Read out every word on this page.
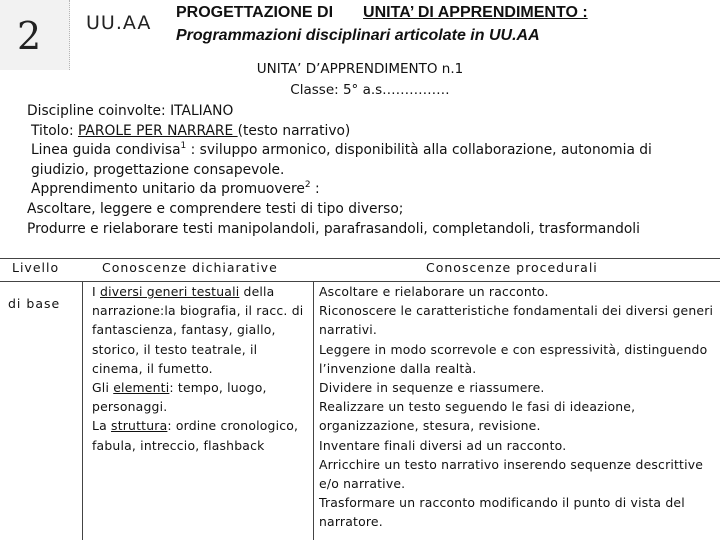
2 UU.AA PROGETTAZIONE DI UNITA’ DI APPRENDIMENTO :
Programmazioni disciplinari articolate in UU.AA
UNITA’ D’APPRENDIMENTO n.1
Classe: 5° a.s……………

Discipline coinvolte: ITALIANO

Titolo: PAROLE PER NARRARE (testo narrativo)

Linea guida condivisa$^1$ : sviluppo armonico, disponibilità alla collaborazione, autonomia di giudizio, progettazione consapevole.

Apprendimento unitario da promuovere$^2$ :

Ascoltare, leggere e comprendere testi di tipo diverso;

Produrre e rielaborare testi manipolandoli, parafrasandoli, completandoli, trasformandoli

Livello	Conoscenze dichiarative	Conoscenze procedurali
di base

I diversi generi testuali della narrazione:la biografia, il racc. di fantascienza, fantasy, giallo, storico, il testo teatrale, il cinema, il fumetto.

Gli elementi: tempo, luogo, personaggi.

La struttura: ordine cronologico, fabula, intreccio, flashback

Ascoltare e rielaborare un racconto.

Riconoscere le caratteristiche fondamentali dei diversi generi narrativi.

Leggere in modo scorrevole e con espressività, distinguendo l’invenzione dalla realtà.

Dividere in sequenze e riassumere.

Realizzare un testo seguendo le fasi di ideazione, organizzazione, stesura, revisione.

Inventare finali diversi ad un racconto.

Arricchire un testo narrativo inserendo sequenze descrittive e/o narrative.

Trasformare un racconto modificando il punto di vista del narratore.
